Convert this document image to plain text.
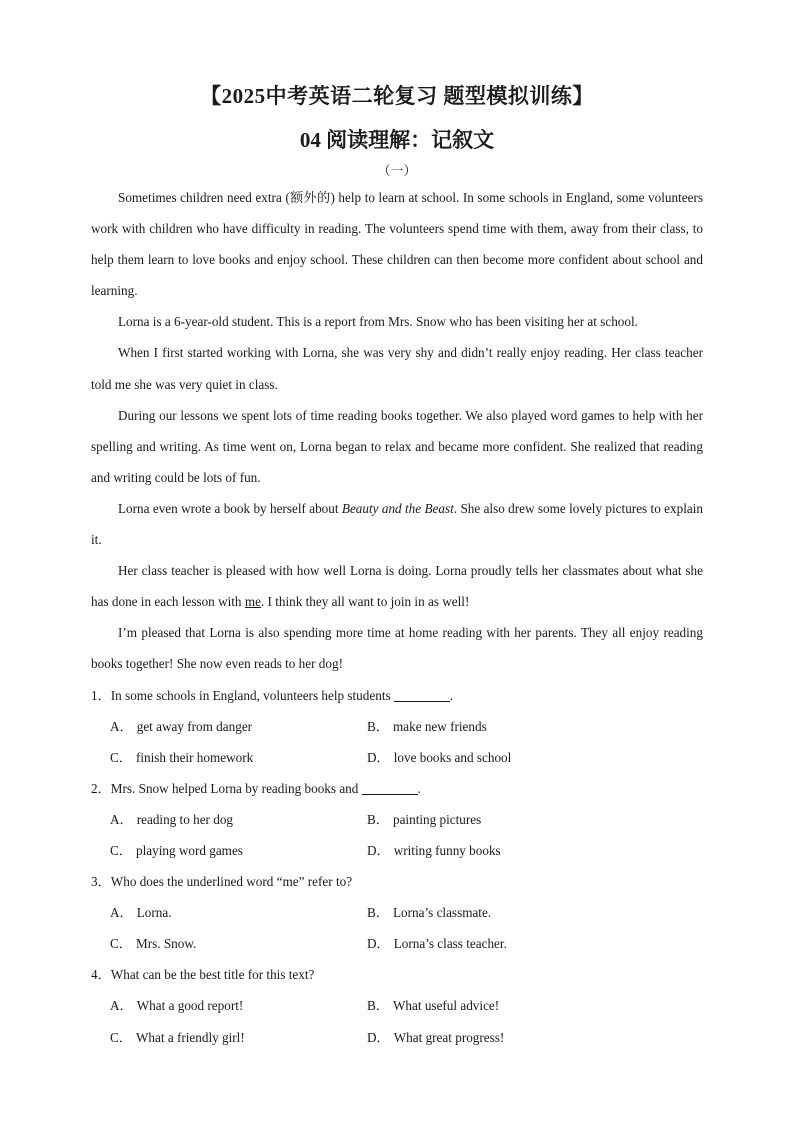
【2025中考英语二轮复习 题型模拟训练】
04 阅读理解：记叙文
（一）

Sometimes children need extra (额外的) help to learn at school. In some schools in England, some volunteers work with children who have difficulty in reading. The volunteers spend time with them, away from their class, to help them learn to love books and enjoy school. These children can then become more confident about school and learning.

Lorna is a 6-year-old student. This is a report from Mrs. Snow who has been visiting her at school.

When I first started working with Lorna, she was very shy and didn’t really enjoy reading. Her class teacher told me she was very quiet in class.

During our lessons we spent lots of time reading books together. We also played word games to help with her spelling and writing. As time went on, Lorna began to relax and became more confident. She realized that reading and writing could be lots of fun.

Lorna even wrote a book by herself about Beauty and the Beast. She also drew some lovely pictures to explain it.

Her class teacher is pleased with how well Lorna is doing. Lorna proudly tells her classmates about what she has done in each lesson with me. I think they all want to join in as well!

I’m pleased that Lorna is also spending more time at home reading with her parents. They all enjoy reading books together! She now even reads to her dog!

1．In some schools in England, volunteers help students	.

A． get away from danger	B． make new friends
C． finish their homework	D． love books and school

2．Mrs. Snow helped Lorna by reading books and	.

A． reading to her dog	B． painting pictures
C． playing word games	D． writing funny books

3．Who does the underlined word “me” refer to?

A． Lorna.	B． Lorna’s classmate.
C． Mrs. Snow.	D． Lorna’s class teacher.

4．What can be the best title for this text?

A． What a good report!	B． What useful advice!
C． What a friendly girl!	D． What great progress!
